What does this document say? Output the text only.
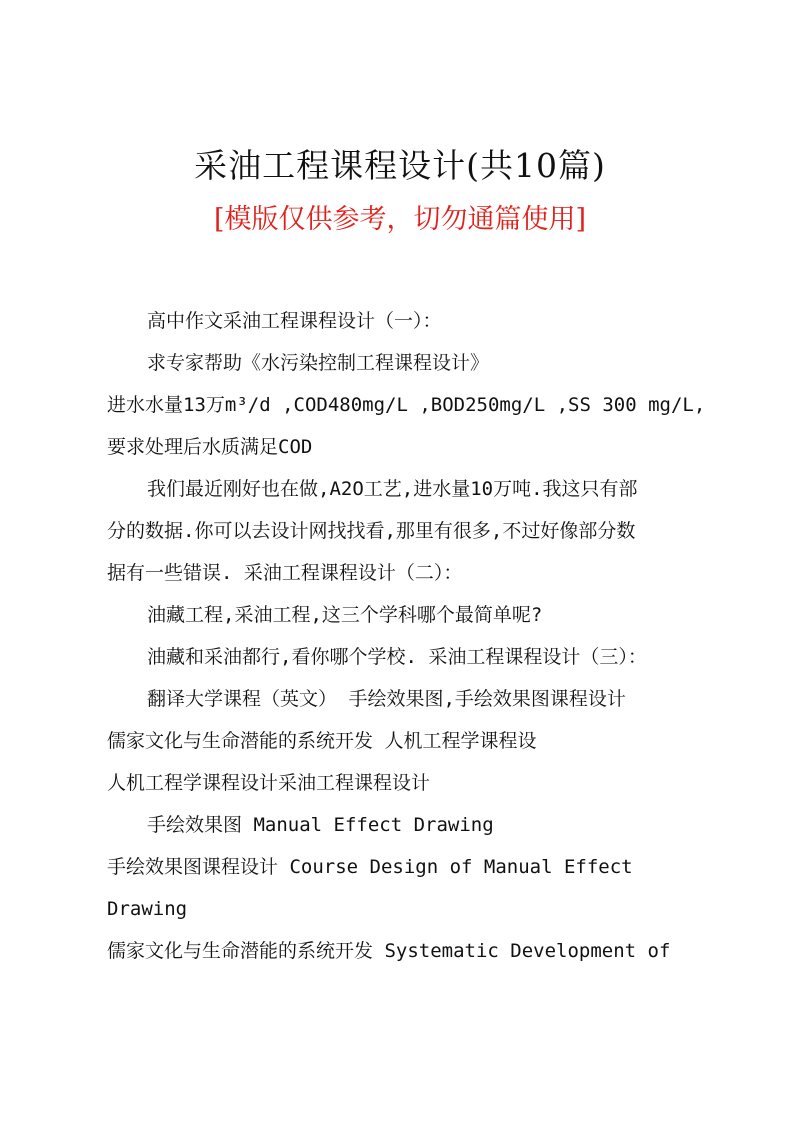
采油工程课程设计(共10篇)
[模版仅供参考，切勿通篇使用]
高中作文采油工程课程设计（一）：
求专家帮助《水污染控制工程课程设计》
进水水量13万m³/d ,COD480mg/L ,BOD250mg/L ,SS 300 mg/L,
要求处理后水质满足COD
我们最近刚好也在做,A2O工艺,进水量10万吨.我这只有部
分的数据.你可以去设计网找找看,那里有很多,不过好像部分数
据有一些错误. 采油工程课程设计（二）：
油藏工程,采油工程,这三个学科哪个最简单呢?
油藏和采油都行,看你哪个学校. 采油工程课程设计（三）：
翻译大学课程（英文） 手绘效果图,手绘效果图课程设计
儒家文化与生命潜能的系统开发 人机工程学课程设
人机工程学课程设计采油工程课程设计
手绘效果图 Manual Effect Drawing
手绘效果图课程设计 Course Design of Manual Effect
Drawing
儒家文化与生命潜能的系统开发 Systematic Development of
